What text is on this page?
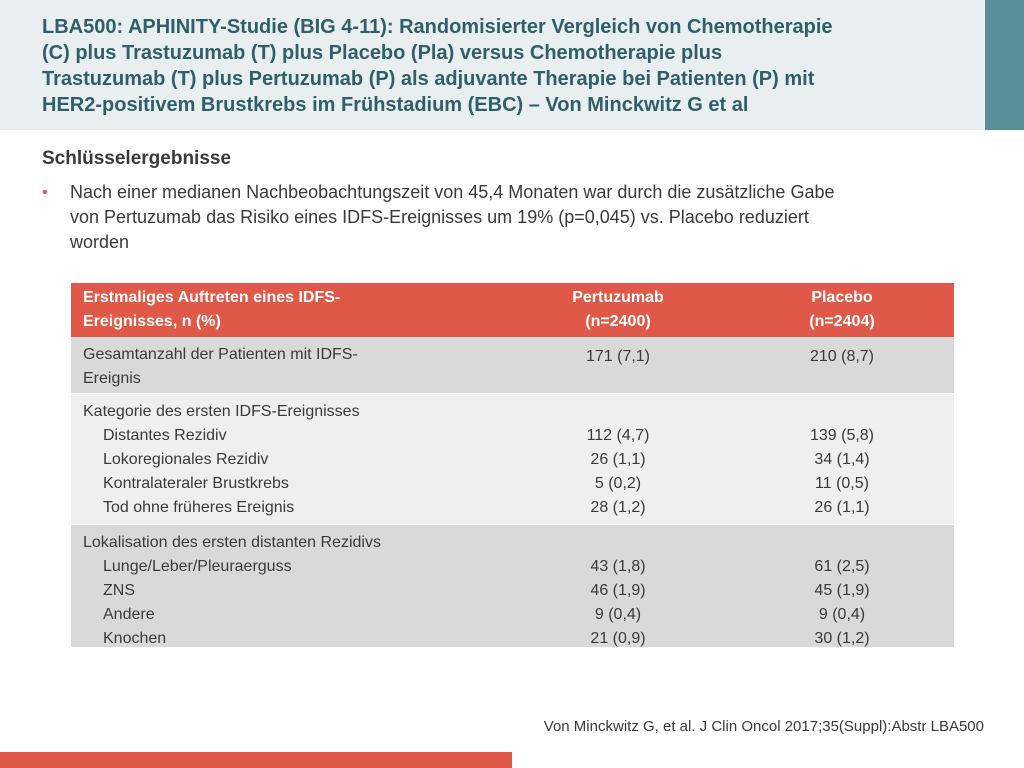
LBA500: APHINITY-Studie (BIG 4-11): Randomisierter Vergleich von Chemotherapie
(C) plus Trastuzumab (T) plus Placebo (Pla) versus Chemotherapie plus
Trastuzumab (T) plus Pertuzumab (P) als adjuvante Therapie bei Patienten (P) mit
HER2-positivem Brustkrebs im Frühstadium (EBC) – Von Minckwitz G et al
Schlüsselergebnisse
• Nach einer medianen Nachbeobachtungszeit von 45,4 Monaten war durch die zusätzliche Gabe
von Pertuzumab das Risiko eines IDFS-Ereignisses um 19% (p=0,045) vs. Placebo reduziert
worden
Erstmaliges Auftreten eines IDFS-
Ereignisses, n (%)
Pertuzumab
(n=2400)
Placebo
(n=2404)
Gesamtanzahl der Patienten mit IDFS-
Ereignis
171 (7,1)	210 (8,7)
Kategorie des ersten IDFS-Ereignisses
Distantes Rezidiv
Lokoregionales Rezidiv
Kontralateraler Brustkrebs
Tod ohne früheres Ereignis
112 (4,7)
26 (1,1)
5 (0,2)
28 (1,2)
139 (5,8)
34 (1,4)
11 (0,5)
26 (1,1)
Lokalisation des ersten distanten Rezidivs
Lunge/Leber/Pleuraerguss
ZNS
Andere
Knochen
43 (1,8)
46 (1,9)
9 (0,4)
21 (0,9)
61 (2,5)
45 (1,9)
9 (0,4)
30 (1,2)
Von Minckwitz G, et al. J Clin Oncol 2017;35(Suppl):Abstr LBA500
